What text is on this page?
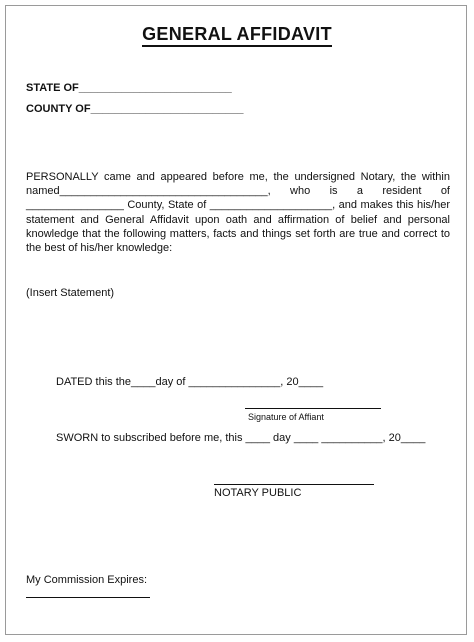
GENERAL AFFIDAVIT
STATE OF_________________________
COUNTY OF_________________________
PERSONALLY came and appeared before me, the undersigned Notary, the within named__________________________________, who is a resident of ________________ County, State of ____________________, and makes this his/her statement and General Affidavit upon oath and affirmation of belief and personal knowledge that the following matters, facts and things set forth are true and correct to the best of his/her knowledge:
(Insert Statement)
DATED this the____day of _______________, 20____
Signature of Affiant
SWORN to subscribed before me, this ____ day ____ __________, 20____
NOTARY PUBLIC
My Commission Expires:
